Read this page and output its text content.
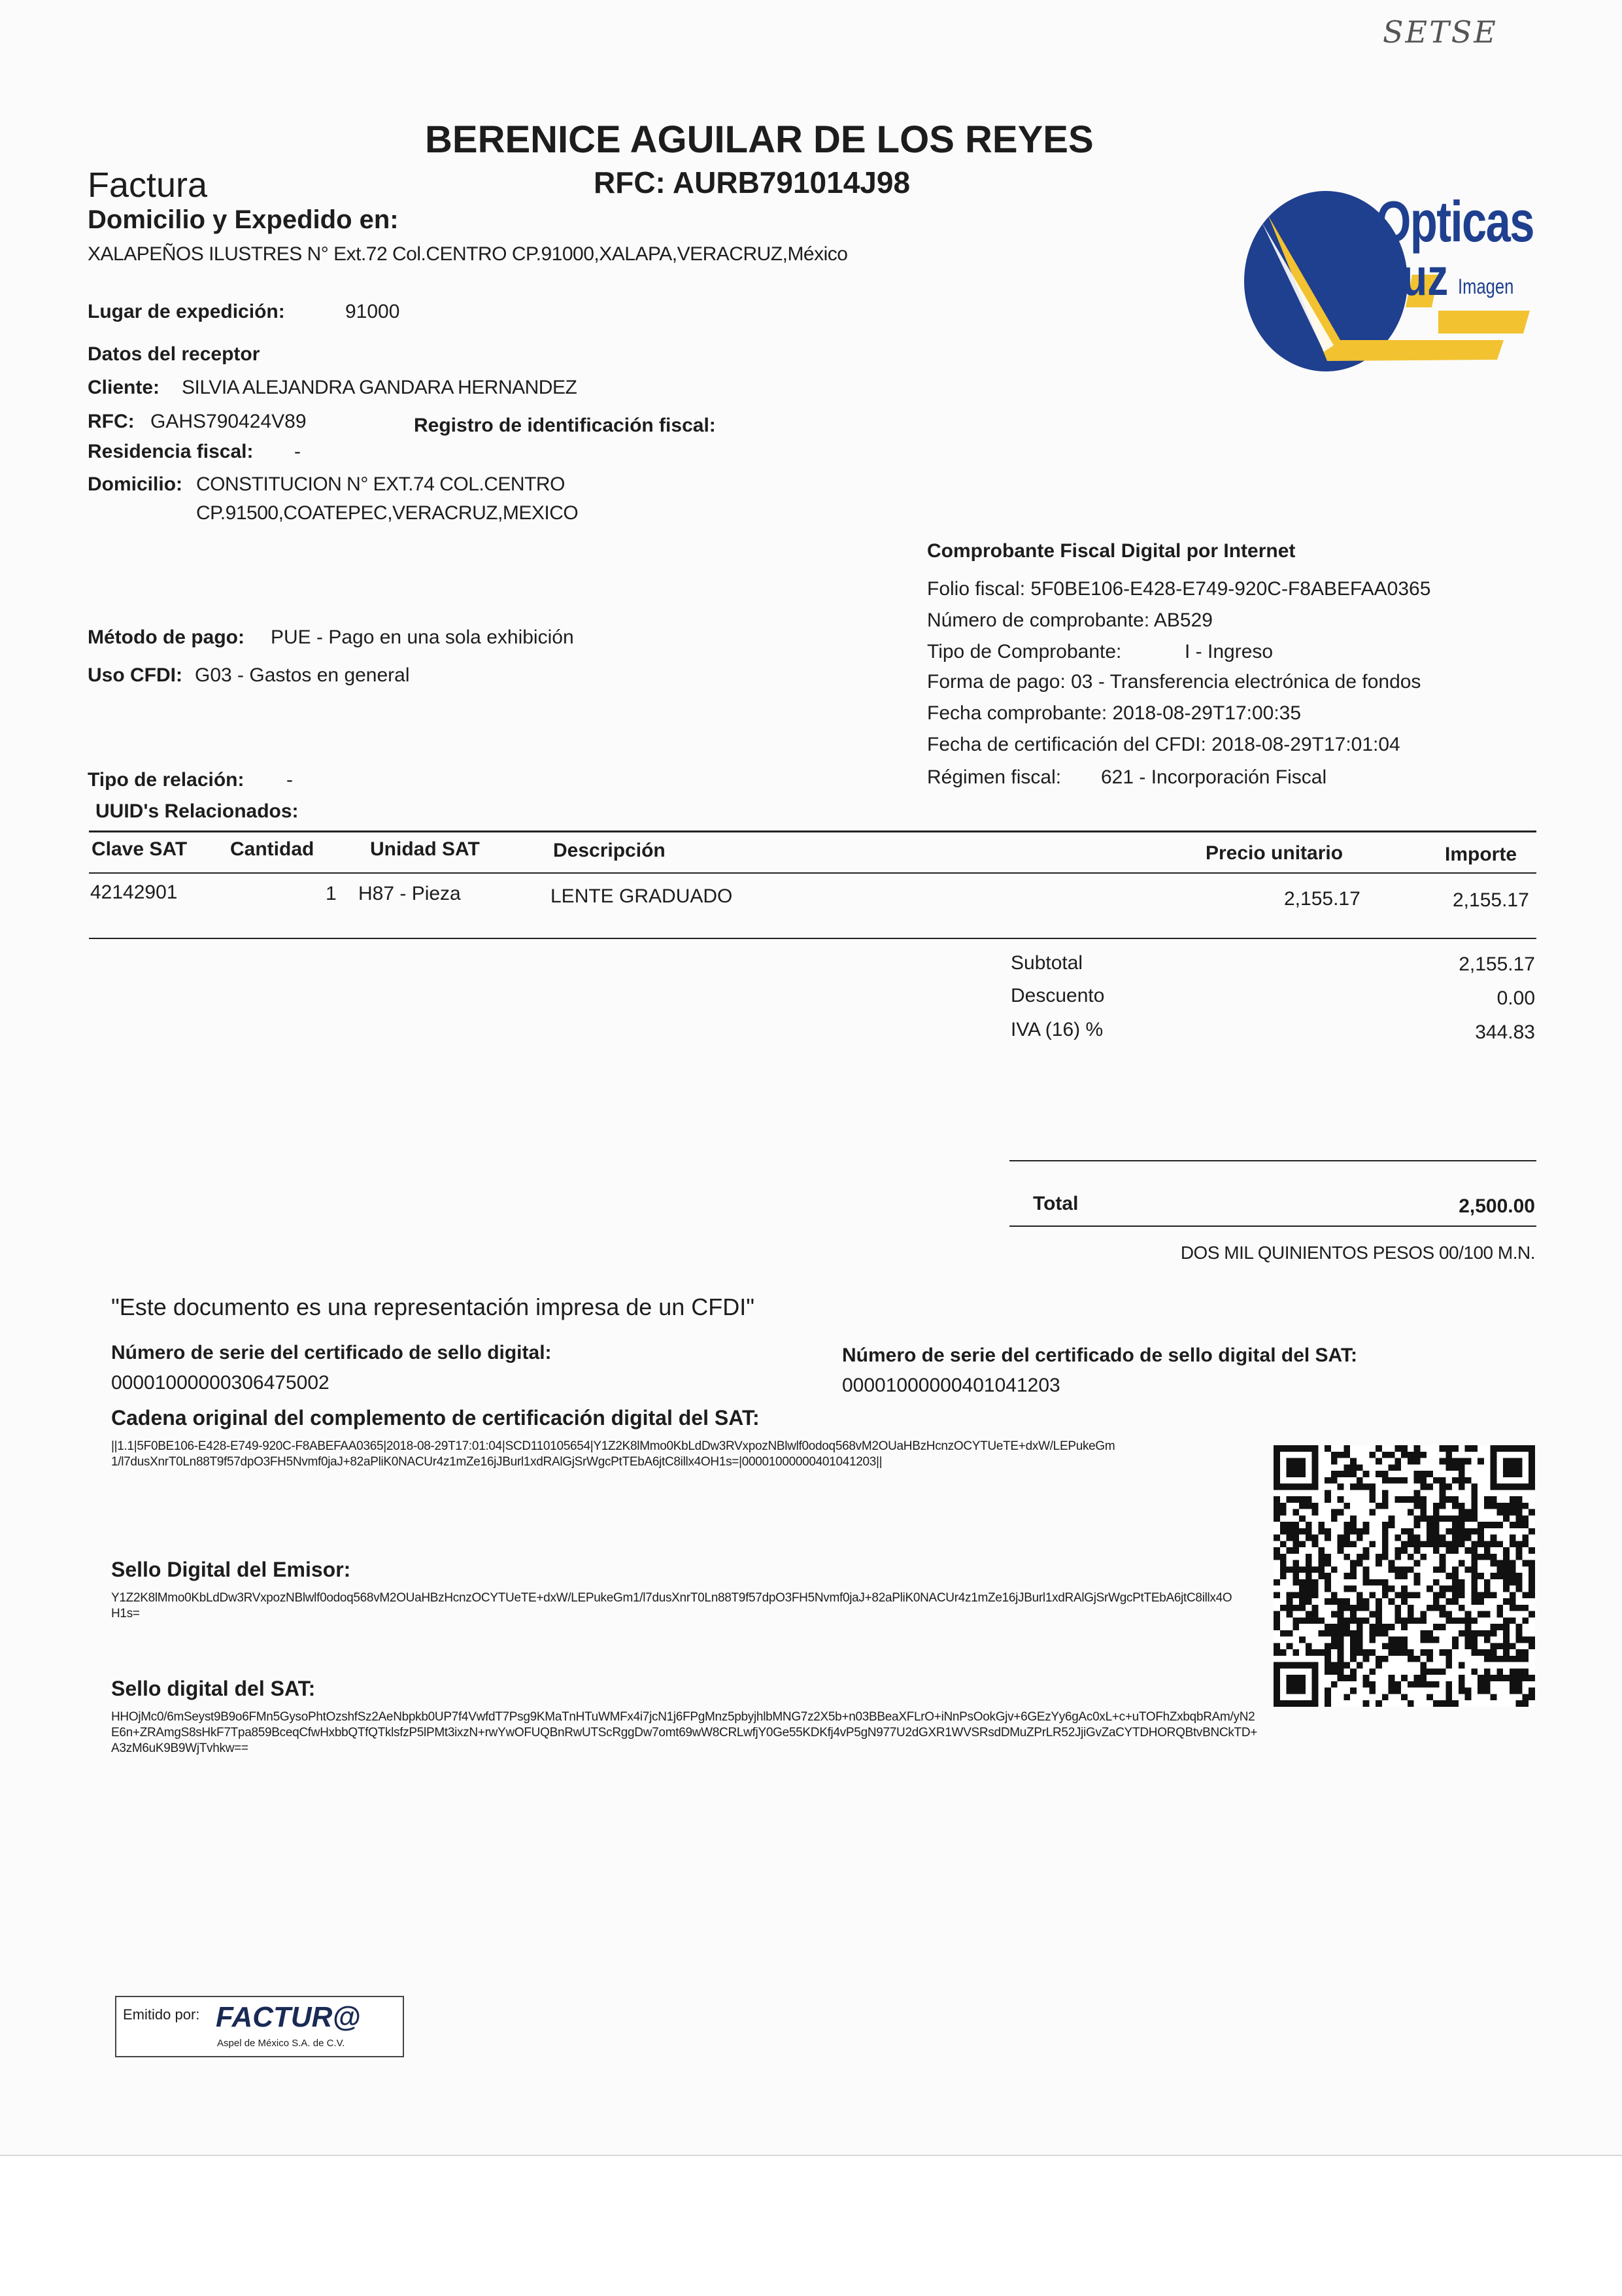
SETSE
BERENICE AGUILAR DE LOS REYES
RFC: AURB791014J98
Factura
Domicilio y Expedido en:
XALAPEÑOS ILUSTRES N° Ext.72 Col.CENTRO CP.91000,XALAPA,VERACRUZ,México
Lugar de expedición:	91000
Opticas
Luz Imagen
Datos del receptor
Cliente: SILVIA ALEJANDRA GANDARA HERNANDEZ
RFC: GAHS790424V89	Registro de identificación fiscal:
Residencia fiscal: -
Domicilio: CONSTITUCION N° EXT.74 COL.CENTRO
CP.91500,COATEPEC,VERACRUZ,MEXICO
Método de pago: PUE - Pago en una sola exhibición
Uso CFDI: G03 - Gastos en general
Tipo de relación: -
UUID's Relacionados:
Comprobante Fiscal Digital por Internet
Folio fiscal: 5F0BE106-E428-E749-920C-F8ABEFAA0365
Número de comprobante: AB529
Tipo de Comprobante:	I - Ingreso
Forma de pago: 03 - Transferencia electrónica de fondos
Fecha comprobante: 2018-08-29T17:00:35
Fecha de certificación del CFDI: 2018-08-29T17:01:04
Régimen fiscal: 621 - Incorporación Fiscal
Clave SAT Cantidad	Unidad SAT	Descripción	Precio unitario	Importe
42142901	1 H87 - Pieza	LENTE GRADUADO	2,155.17	2,155.17
Subtotal	2,155.17
Descuento	0.00
IVA (16) %	344.83
Total	2,500.00
DOS MIL QUINIENTOS PESOS 00/100 M.N.
"Este documento es una representación impresa de un CFDI"
Número de serie del certificado de sello digital:
00001000000306475002
Número de serie del certificado de sello digital del SAT:
00001000000401041203
Cadena original del complemento de certificación digital del SAT:
||1.1|5F0BE106-E428-E749-920C-F8ABEFAA0365|2018-08-29T17:01:04|SCD110105654|Y1Z2K8lMmo0KbLdDw3RVxpozNBlwlf0odoq568vM2OUaHBzHcnzOCYTUeTE+dxW/LEPukeGm1/l7dusXnrT0Ln88T9f57dpO3FH5Nvmf0jaJ+82aPliK0NACUr4z1mZe16jJBurl1xdRAlGjSrWgcPtTEbA6jtC8illx4OH1s=|00001000000401041203||
Sello Digital del Emisor:
Y1Z2K8lMmo0KbLdDw3RVxpozNBlwlf0odoq568vM2OUaHBzHcnzOCYTUeTE+dxW/LEPukeGm1/l7dusXnrT0Ln88T9f57dpO3FH5Nvmf0jaJ+82aPliK0NACUr4z1mZe16jJBurl1xdRAlGjSrWgcPtTEbA6jtC8illx4OH1s=
Sello digital del SAT:
HHOjMc0/6mSeyst9B9o6FMn5GysoPhtOzshfSz2AeNbpkb0UP7f4VwfdT7Psg9KMaTnHTuWMFx4i7jcN1j6FPgMnz5pbyjhlbMNG7z2X5b+n03BBeaXFLrO+iNnPsOokGjv+6GEzYy6gAc0xL+c+uTOFhZxbqbRAm/yN2E6n+ZRAmgS8sHkF7Tpa859BceqCfwHxbbQTfQTklsfzP5lPMt3ixzN+rwYwOFUQBnRwUTScRggDw7omt69wW8CRLwfjY0Ge55KDKfj4vP5gN977U2dGXR1WVSRsdDMuZPrLR52JjiGvZaCYTDHORQBtvBNCkTD+A3zM6uK9B9WjTvhkw==
Emitido por: FACTUR@
Aspel de México S.A. de C.V.
